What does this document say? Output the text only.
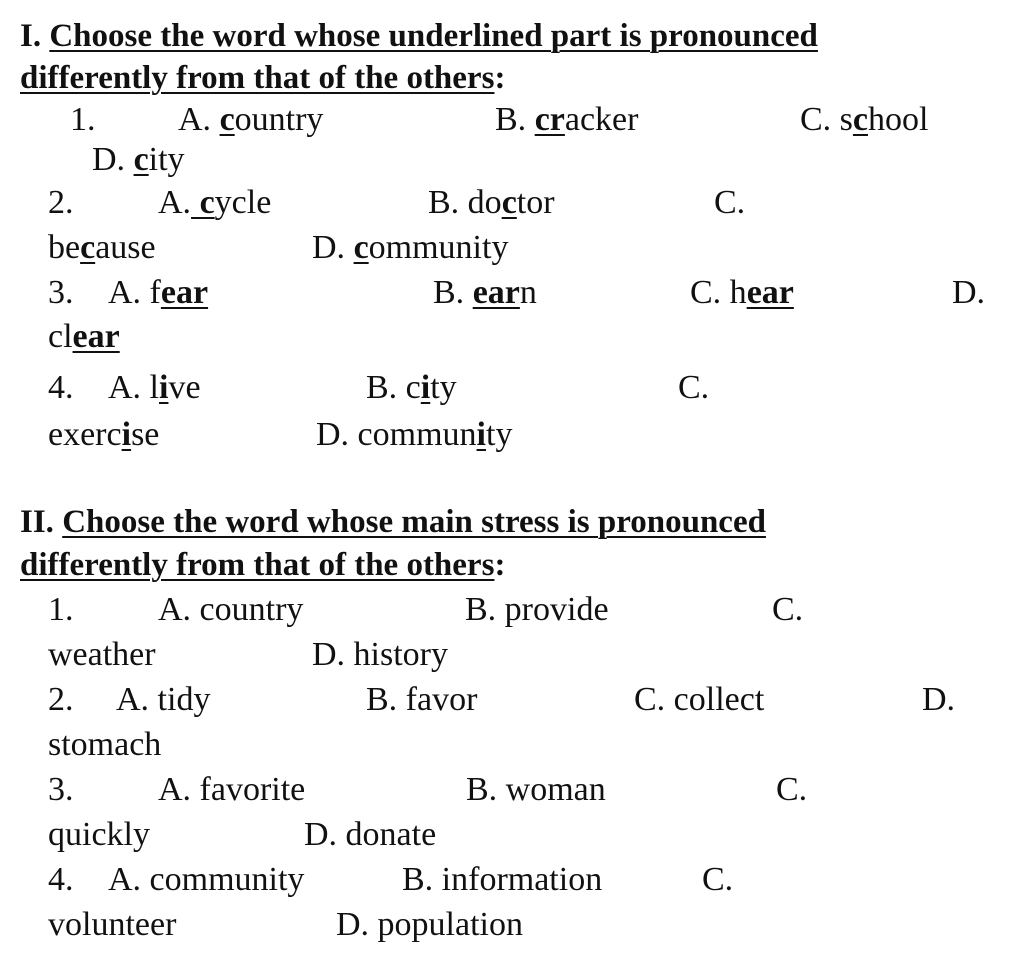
I. Choose the word whose underlined part is pronounced
differently from that of the others:
1. A. country	B. cracker	C. school
D. city
2. A. cycle	B. doctor	C.
because	D. community
3. A. fear	B. earn	C. hear	D.
clear
4. A. live	B. city	C.
exercise	D. community
II. Choose the word whose main stress is pronounced
differently from that of the others:
1. A. country	B. provide	C.
weather	D. history
2. A. tidy	B. favor	C. collect	D.
stomach
3. A. favorite	B. woman	C.
quickly	D. donate
4. A. community	B. information	C.
volunteer	D. population
